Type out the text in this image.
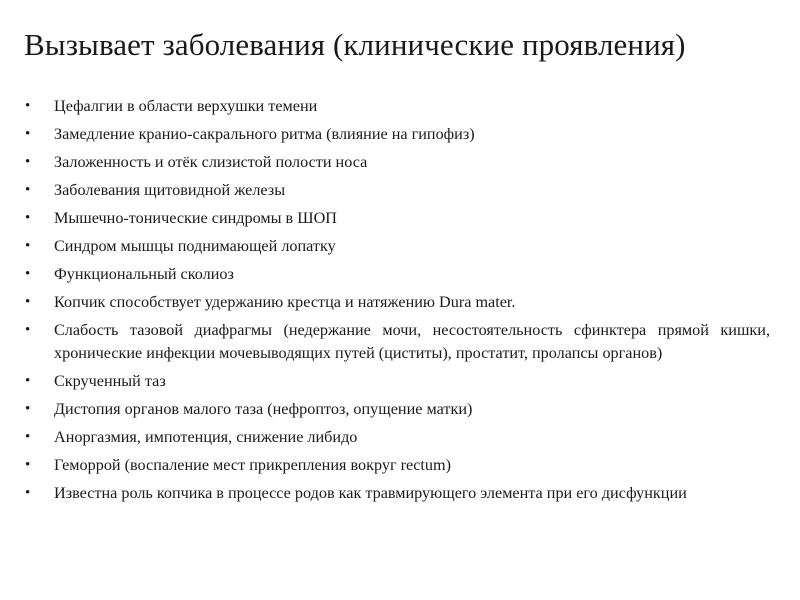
Вызывает заболевания (клинические проявления)
• Цефалгии в области верхушки темени
• Замедление кранио-сакрального ритма (влияние на гипофиз)
• Заложенность и отёк слизистой полости носа
• Заболевания щитовидной железы
• Мышечно-тонические синдромы в ШОП
• Синдром мышцы поднимающей лопатку
• Функциональный сколиоз
• Копчик способствует удержанию крестца и натяжению Dura mater.
• Слабость тазовой диафрагмы (недержание мочи, несостоятельность сфинктера прямой кишки, хронические инфекции мочевыводящих путей (циститы), простатит, пролапсы органов)
• Скрученный таз
• Дистопия органов малого таза (нефроптоз, опущение матки)
• Аноргазмия, импотенция, снижение либидо
• Геморрой (воспаление мест прикрепления вокруг rectum)
• Известна роль копчика в процессе родов как травмирующего элемента при его дисфункции
